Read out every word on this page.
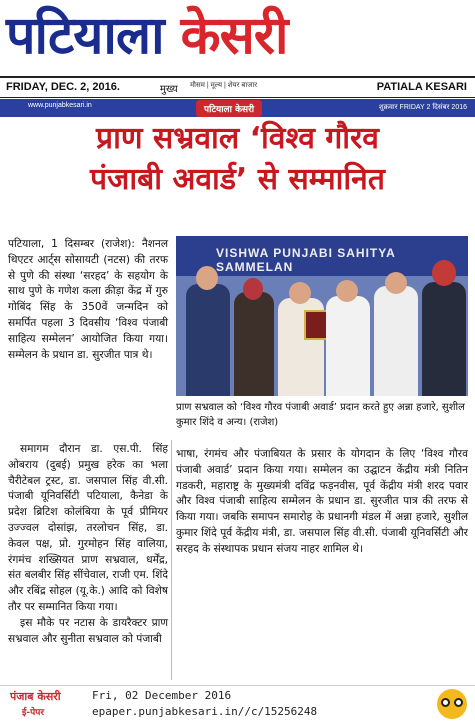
पटियाला केसरी
FRIDAY, DEC. 2, 2016.	मुख्य मौसम | मूल्य | शेयर बाजार	PATIALA KESARI
www.punjabkesari.in	पटियाला केसरी	शुक्रवार FRIDAY 2 दिसंबर 2016
प्राण सभ्रवाल ‘विश्व गौरव
पंजाबी अवार्ड’ से सम्मानित
पटियाला, 1 दिसम्बर (राजेश): नैशनल थिएटर आर्ट्स सोसायटी (नटस) की तरफ से पुणे की संस्था ‘सरहद’ के सहयोग के साथ पुणे के गणेश कला क्रीड़ा केंद्र में गुरु गोबिंद सिंह के 350वें जन्मदिन को समर्पित पहला 3 दिवसीय ‘विश्व पंजाबी साहित्य सम्मेलन’ आयोजित किया गया। सम्मेलन के प्रधान डा. सुरजीत पात्र थे।
VISHWA PUNJABI SAHITYA SAMMELAN
प्राण सभ्रवाल को ‘विश्व गौरव पंजाबी अवार्ड’ प्रदान करते हुए अन्ना हजारे, सुशील कुमार शिंदे व अन्य। (राजेश)
समागम दौरान डा. एस.पी. सिंह ओबराय (दुबई) प्रमुख हरेक का भला चैरीटेबल ट्रस्ट, डा. जसपाल सिंह वी.सी. पंजाबी यूनिवर्सिटी पटियाला, कैनेडा के प्रदेश ब्रिटिश कोलंबिया के पूर्व प्रीमियर उज्ज्वल दोसांझ, तरलोचन सिंह, डा. केवल पक्ष, प्रो. गुरमोहन सिंह वालिया, रंगमंच शख्सियत प्राण सभ्रवाल, धर्मेंद्र, संत बलबीर सिंह सींचेवाल, राजी एम. शिंदे और रबिंद्र सोहल (यू.के.) आदि को विशेष तौर पर सम्मानित किया गया।
इस मौके पर नटास के डायरैक्टर प्राण सभ्रवाल और सुनीता सभ्रवाल को पंजाबी
भाषा, रंगमंच और पंजाबियत के प्रसार के योगदान के लिए ‘विश्व गौरव पंजाबी अवार्ड’ प्रदान किया गया। सम्मेलन का उद्घाटन केंद्रीय मंत्री नितिन गडकरी, महाराष्ट्र के मुख्यमंत्री दविंद्र फड़नवीस, पूर्व केंद्रीय मंत्री शरद पवार और विश्व पंजाबी साहित्य सम्मेलन के प्रधान डा. सुरजीत पात्र की तरफ से किया गया। जबकि समापन समारोह के प्रधानगी मंडल में अन्ना हजारे, सुशील कुमार शिंदे पूर्व केंद्रीय मंत्री, डा. जसपाल सिंह वी.सी. पंजाबी यूनिवर्सिटी और सरहद के संस्थापक प्रधान संजय नाहर शामिल थे।
पंजाब केसरी
ई-पेपर
Fri, 02 December 2016
epaper.punjabkesari.in//c/15256248
